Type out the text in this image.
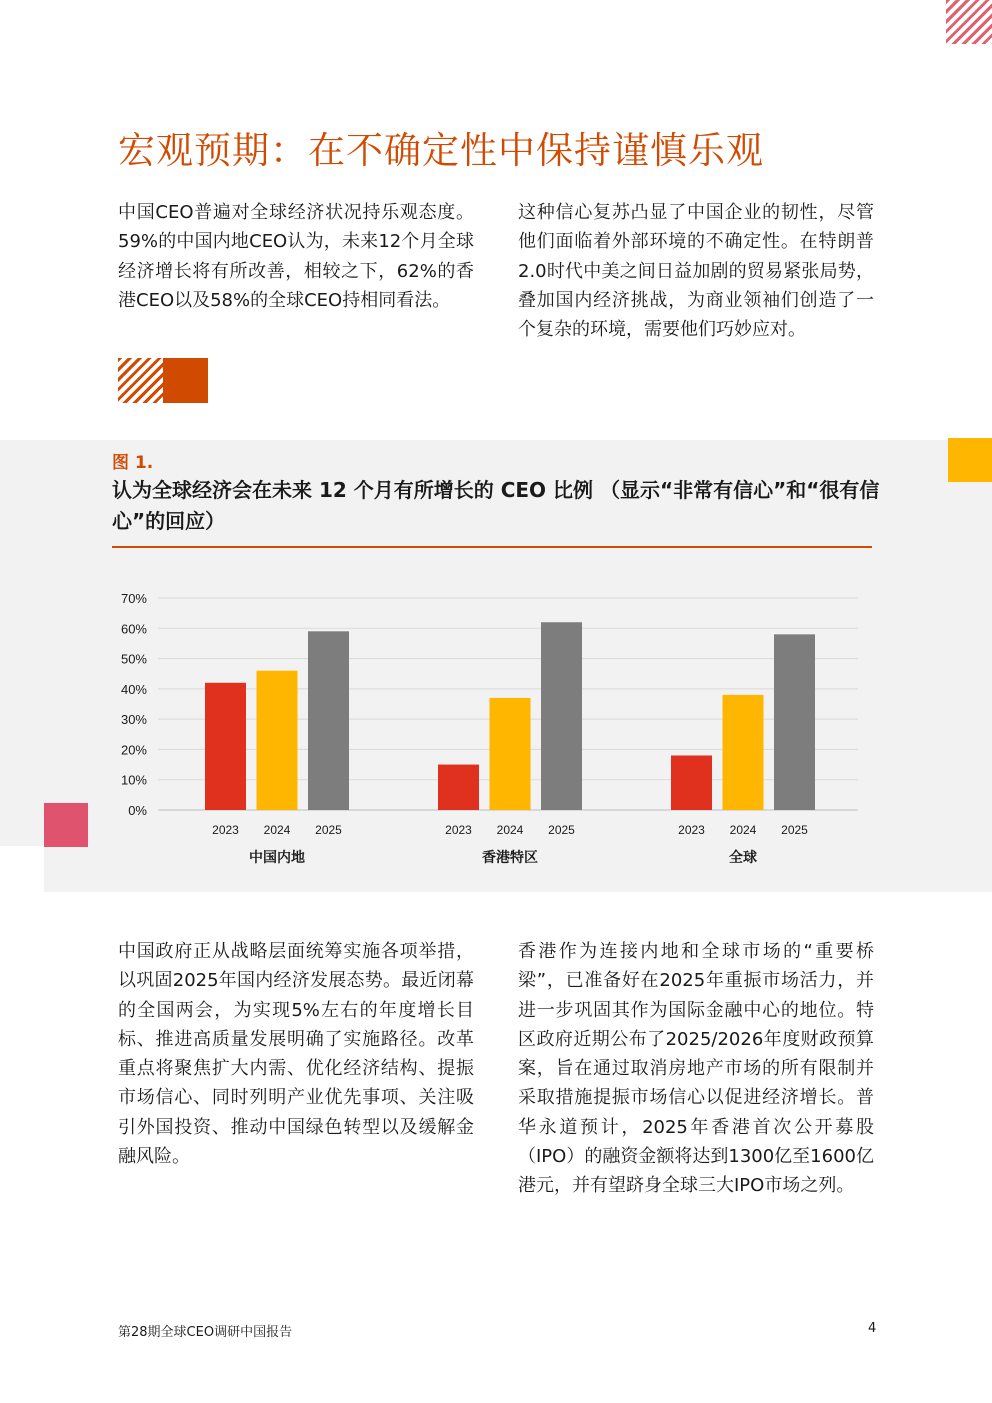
宏观预期：在不确定性中保持谨慎乐观
中国CEO普遍对全球经济状况持乐观态度。59%的中国内地CEO认为，未来12个月全球经济增长将有所改善，相较之下，62%的香港CEO以及58%的全球CEO持相同看法。
这种信心复苏凸显了中国企业的韧性，尽管他们面临着外部环境的不确定性。在特朗普2.0时代中美之间日益加剧的贸易紧张局势，叠加国内经济挑战，为商业领袖们创造了一个复杂的环境，需要他们巧妙应对。
图 1.
认为全球经济会在未来 12 个月有所增长的 CEO 比例 （显示“非常有信心”和“很有信心”的回应）
0%
10%
20%
30%
40%
50%
60%
70%
2023 2024 2025
中国内地
2023 2024 2025
香港特区
2023 2024 2025
全球
中国政府正从战略层面统筹实施各项举措，以巩固2025年国内经济发展态势。最近闭幕的全国两会，为实现5%左右的年度增长目标、推进高质量发展明确了实施路径。改革重点将聚焦扩大内需、优化经济结构、提振市场信心、同时列明产业优先事项、关注吸引外国投资、推动中国绿色转型以及缓解金融风险。
香港作为连接内地和全球市场的“重要桥梁”，已准备好在2025年重振市场活力，并进一步巩固其作为国际金融中心的地位。特区政府近期公布了2025/2026年度财政预算案，旨在通过取消房地产市场的所有限制并采取措施提振市场信心以促进经济增长。普华永道预计，2025年香港首次公开募股（IPO）的融资金额将达到1300亿至1600亿港元，并有望跻身全球三大IPO市场之列。
第28期全球CEO调研中国报告	4
